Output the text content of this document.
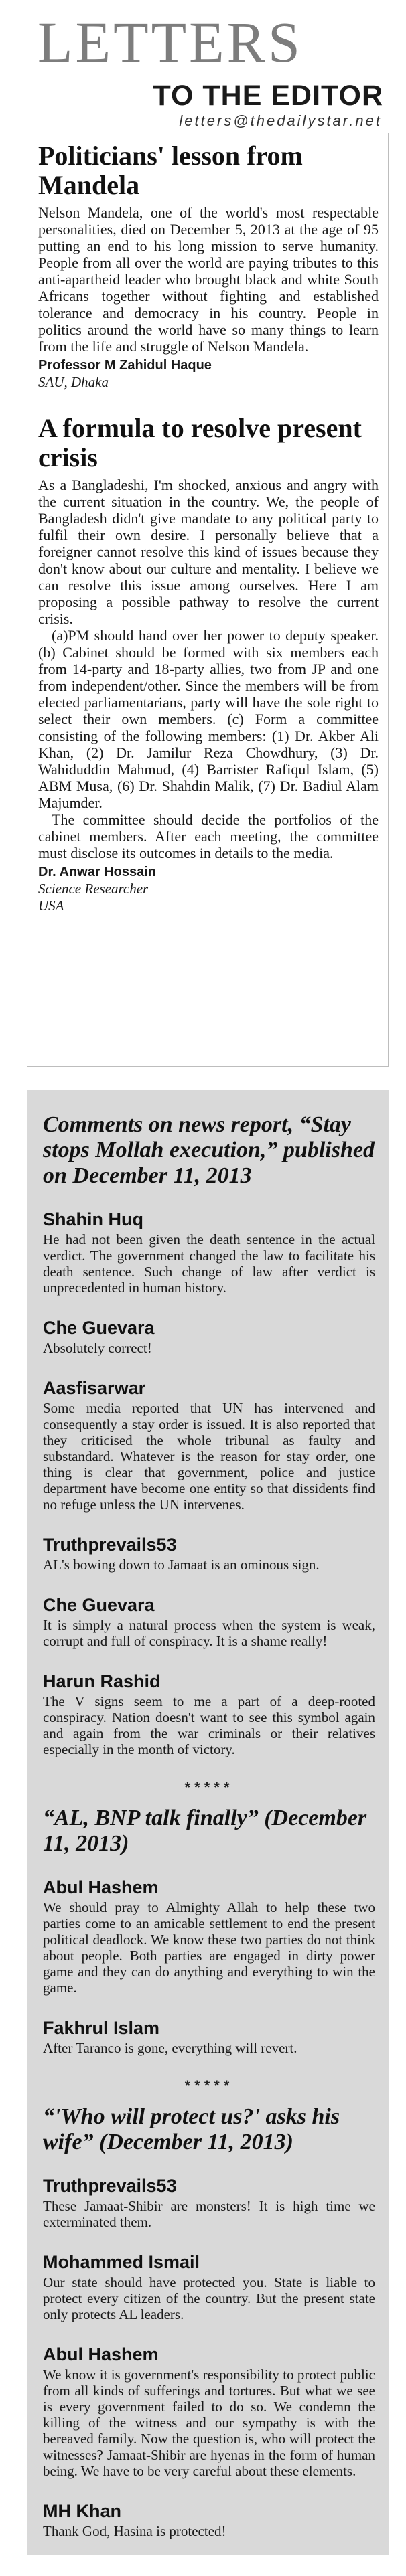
LETTERS
TO THE EDITOR
letters@thedailystar.net
Politicians' lesson from Mandela

Nelson Mandela, one of the world's most respectable personalities, died on December 5, 2013 at the age of 95 putting an end to his long mission to serve humanity. People from all over the world are paying tributes to this anti-apartheid leader who brought black and white South Africans together without fighting and established tolerance and democracy in his country. People in politics around the world have so many things to learn from the life and struggle of Nelson Mandela.

Professor M Zahidul Haque

SAU, Dhaka

A formula to resolve present crisis

As a Bangladeshi, I'm shocked, anxious and angry with the current situation in the country. We, the people of Bangladesh didn't give mandate to any political party to fulfil their own desire. I personally believe that a foreigner cannot resolve this kind of issues because they don't know about our culture and mentality. I believe we can resolve this issue among ourselves. Here I am proposing a possible pathway to resolve the current crisis.

(a)PM should hand over her power to deputy speaker. (b) Cabinet should be formed with six members each from 14-party and 18-party allies, two from JP and one from independent/other. Since the members will be from elected parliamentarians, party will have the sole right to select their own members. (c) Form a committee consisting of the following members: (1) Dr. Akber Ali Khan, (2) Dr. Jamilur Reza Chowdhury, (3) Dr. Wahiduddin Mahmud, (4) Barrister Rafiqul Islam, (5) ABM Musa, (6) Dr. Shahdin Malik, (7) Dr. Badiul Alam Majumder.

The committee should decide the portfolios of the cabinet members. After each meeting, the committee must disclose its outcomes in details to the media.

Dr. Anwar Hossain

Science Researcher

USA

Comments on news report, “Stay stops Mollah execution,” published on December 11, 2013
Shahin Huq

He had not been given the death sentence in the actual verdict. The government changed the law to facilitate his death sentence. Such change of law after verdict is unprecedented in human history.

Che Guevara

Absolutely correct!

Aasfisarwar

Some media reported that UN has intervened and consequently a stay order is issued. It is also reported that they criticised the whole tribunal as faulty and substandard. Whatever is the reason for stay order, one thing is clear that government, police and justice department have become one entity so that dissidents find no refuge unless the UN intervenes.

Truthprevails53

AL's bowing down to Jamaat is an ominous sign.

Che Guevara

It is simply a natural process when the system is weak, corrupt and full of conspiracy. It is a shame really!

Harun Rashid

The V signs seem to me a part of a deep-rooted conspiracy. Nation doesn't want to see this symbol again and again from the war criminals or their relatives especially in the month of victory.

*****
“AL, BNP talk finally” (December 11, 2013)
Abul Hashem

We should pray to Almighty Allah to help these two parties come to an amicable settlement to end the present political deadlock. We know these two parties do not think about people. Both parties are engaged in dirty power game and they can do anything and everything to win the game.

Fakhrul Islam

After Taranco is gone, everything will revert.

*****
“'Who will protect us?' asks his wife” (December 11, 2013)
Truthprevails53

These Jamaat-Shibir are monsters! It is high time we exterminated them.

Mohammed Ismail

Our state should have protected you. State is liable to protect every citizen of the country. But the present state only protects AL leaders.

Abul Hashem

We know it is government's responsibility to protect public from all kinds of sufferings and tortures. But what we see is every government failed to do so. We condemn the killing of the witness and our sympathy is with the bereaved family. Now the question is, who will protect the witnesses? Jamaat-Shibir are hyenas in the form of human being. We have to be very careful about these elements.

MH Khan

Thank God, Hasina is protected!
